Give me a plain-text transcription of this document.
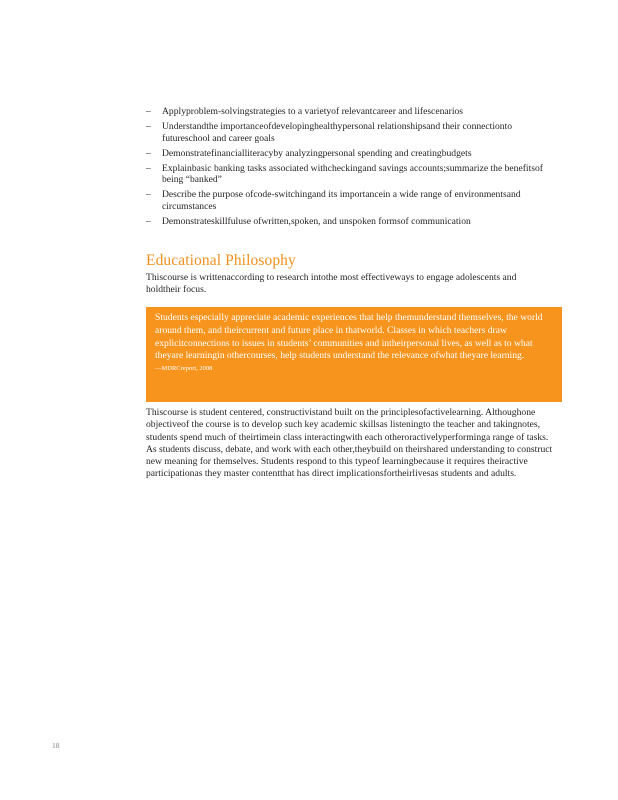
– Applyproblem-solvingstrategies to a varietyof relevantcareer and lifescenarios
– Understandthe importanceofdevelopinghealthypersonal relationshipsand their connectionto futureschool and career goals
– Demonstratefinancialliteracyby analyzingpersonal spending and creatingbudgets
– Explainbasic banking tasks associated withcheckingand savings accounts;summarize the benefitsof being “banked”
– Describe the purpose ofcode-switchingand its importancein a wide range of environmentsand circumstances
– Demonstrateskillfuluse ofwritten,spoken, and unspoken formsof communication
Educational Philosophy

Thiscourse is writtenaccording to research intothe most effectiveways to engage adolescents and holdtheir focus.

Students especially appreciate academic experiences that help themunderstand themselves, the world around them, and theircurrent and future place in thatworld. Classes in which teachers draw explicitconnections to issues in students’ communities and intheirpersonal lives, as well as to what theyare learningin othercourses, help students understand the relevance ofwhat theyare learning.

—MDRCreport, 2008

Thiscourse is student centered, constructivistand built on the principlesofactivelearning. Althoughone objectiveof the course is to develop such key academic skillsas listeningto the teacher and takingnotes, students spend much of theirtimein class interactingwith each otheroractivelyperforminga range of tasks. As students discuss, debate, and work with each other,theybuild on theirshared understanding to construct new meaning for themselves. Students respond to this typeof learningbecause it requires theiractive participationas they master contentthat has direct implicationsfortheirlivesas students and adults.

18
